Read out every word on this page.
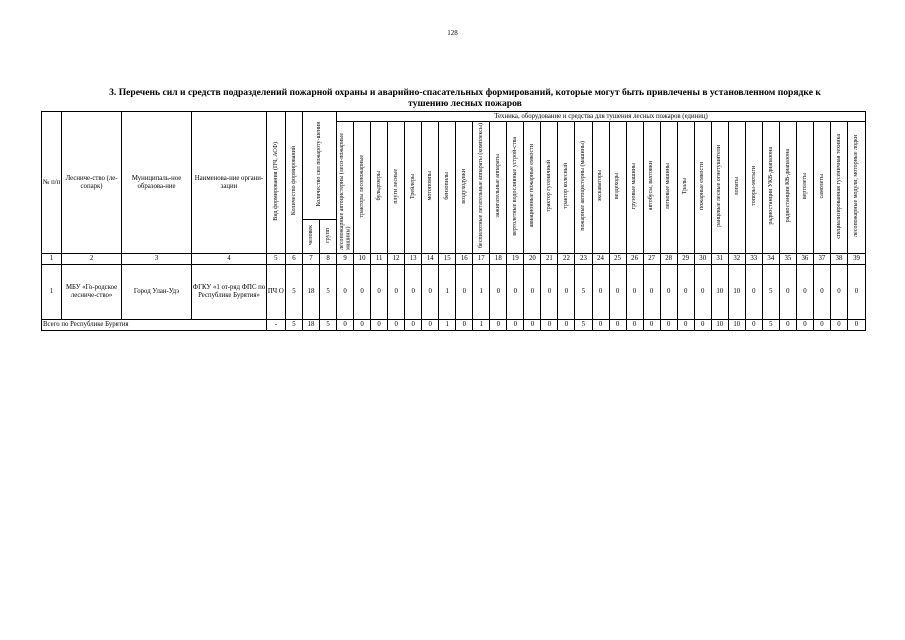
128
3. Перечень сил и средств подразделений пожарной охраны и аварийно-спасательных формирований, которые могут быть привлечены в установленном порядке к
тушению лесных пожаров
№ п/п	Лесниче-ство (ле-сопарк)	Муниципаль-ное образова-ние	Наименова-ние органи-зации	Вид формирования (ПЧ, АСФ)	Количество формирований	Количество сил пожароту-шения		Техника, оборудование и средства для тушения лесных пожаров (единиц)																														
								лесопожарные автоцистерны (лесо-пожарные машины)	тракторы лесопожарные	бульдозеры	плуги лесные	Трейлеры	мотопомпы	бензопилы	воздуходувки	беспилотные летательные аппараты (комплексы)	зажигательные аппараты	вертолетные водосливные устрой-ства	авиационные пожарные емкости	трактор гусеничный	трактор колесный	пожарные автоцистерны (машины)	экскаваторы	вездеходы	грузовые машины	автобусы, вахтовки	легковые машины	Тралы	пожарные емкости	ранцевые лесные огнетушители	лопаты	топоры-мотыги	радиостанции УКВ-диапазона	радиостанции КВ-диапазона	вертолеты	самолеты	специализированная гусеничная техника	лесопожарные модули, моторные лодки
						человек	групп																															
1	2	3	4	5	6	7	8	9	10	11	12	13	14	15	16	17	18	19	20	21	22	23	24	25	26	27	28	29	30	31	32	33	34	35	36	37	38	39
1	МБУ «Го-родское лесниче-ство»	Город Улан-Удэ	ФГКУ «1 от-ряд ФПС по Республике Бурятия»	ПЧ О	5	18	5	0	0	0	0	0	0	1	0	1	0	0	0	0	0	5	0	0	0	0	0	0	0	10	10	0	5	0	0	0	0	0
Всего по Республике Бурятия				-	5	18	5	0	0	0	0	0	0	1	0	1	0	0	0	0	0	5	0	0	0	0	0	0	0	10	10	0	5	0	0	0	0	0
